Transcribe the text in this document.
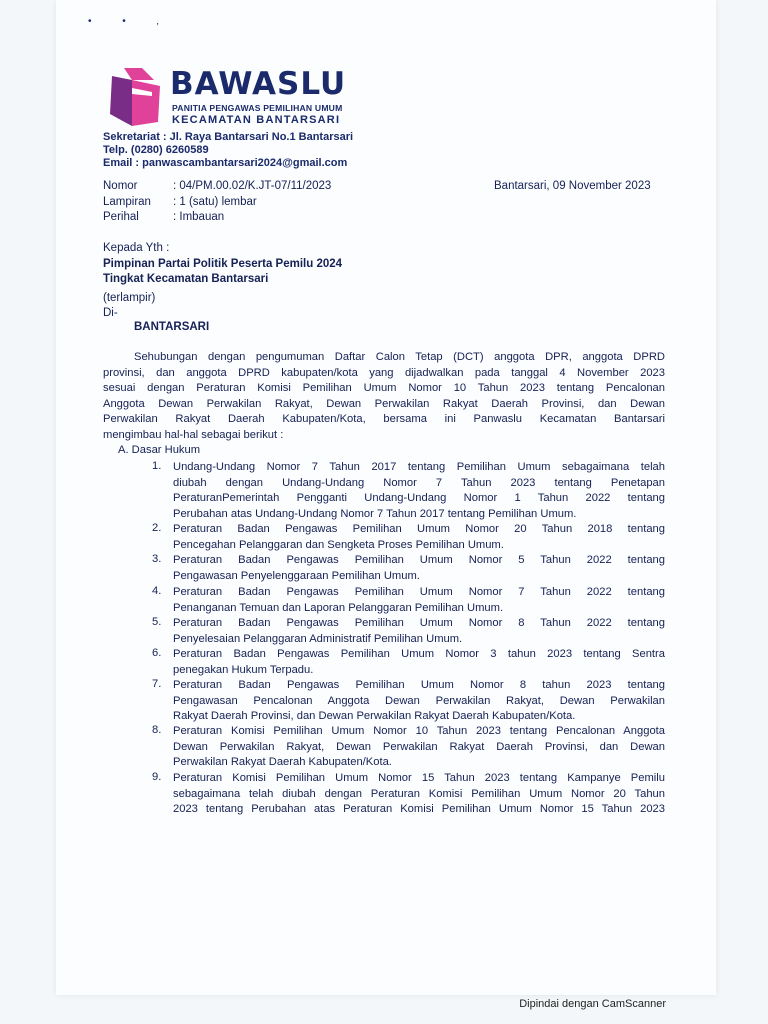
• • ‚
BAWASLU
PANITIA PENGAWAS PEMILIHAN UMUM
KECAMATAN BANTARSARI
Sekretariat : Jl. Raya Bantarsari No.1 Bantarsari
Telp. (0280) 6260589
Email : panwascambantarsari2024@gmail.com
Nomor	: 04/PM.00.02/K.JT-07/11/2023	Bantarsari, 09 November 2023
Lampiran : 1 (satu) lembar
Perihal	: Imbauan
Kepada Yth :
Pimpinan Partai Politik Peserta Pemilu 2024
Tingkat Kecamatan Bantarsari
(terlampir)
Di-
BANTARSARI
Sehubungan dengan pengumuman Daftar Calon Tetap (DCT) anggota DPR, anggota DPRD
provinsi, dan anggota DPRD kabupaten/kota yang dijadwalkan pada tanggal 4 November 2023
sesuai dengan Peraturan Komisi Pemilihan Umum Nomor 10 Tahun 2023 tentang Pencalonan
Anggota Dewan Perwakilan Rakyat, Dewan Perwakilan Rakyat Daerah Provinsi, dan Dewan
Perwakilan Rakyat Daerah Kabupaten/Kota, bersama ini Panwaslu Kecamatan Bantarsari
mengimbau hal-hal sebagai berikut :
A. Dasar Hukum
1. Undang-Undang Nomor 7 Tahun 2017 tentang Pemilihan Umum sebagaimana telah
diubah dengan Undang-Undang Nomor 7 Tahun 2023 tentang Penetapan
PeraturanPemerintah Pengganti Undang-Undang Nomor 1 Tahun 2022 tentang
Perubahan atas Undang-Undang Nomor 7 Tahun 2017 tentang Pemilihan Umum.
2. Peraturan Badan Pengawas Pemilihan Umum Nomor 20 Tahun 2018 tentang
Pencegahan Pelanggaran dan Sengketa Proses Pemilihan Umum.
3. Peraturan Badan Pengawas Pemilihan Umum Nomor 5 Tahun 2022 tentang
Pengawasan Penyelenggaraan Pemilihan Umum.
4. Peraturan Badan Pengawas Pemilihan Umum Nomor 7 Tahun 2022 tentang
Penanganan Temuan dan Laporan Pelanggaran Pemilihan Umum.
5. Peraturan Badan Pengawas Pemilihan Umum Nomor 8 Tahun 2022 tentang
Penyelesaian Pelanggaran Administratif Pemilihan Umum.
6. Peraturan Badan Pengawas Pemilihan Umum Nomor 3 tahun 2023 tentang Sentra
penegakan Hukum Terpadu.
7. Peraturan Badan Pengawas Pemilihan Umum Nomor 8 tahun 2023 tentang
Pengawasan Pencalonan Anggota Dewan Perwakilan Rakyat, Dewan Perwakilan
Rakyat Daerah Provinsi, dan Dewan Perwakilan Rakyat Daerah Kabupaten/Kota.
8. Peraturan Komisi Pemilihan Umum Nomor 10 Tahun 2023 tentang Pencalonan Anggota
Dewan Perwakilan Rakyat, Dewan Perwakilan Rakyat Daerah Provinsi, dan Dewan
Perwakilan Rakyat Daerah Kabupaten/Kota.
9. Peraturan Komisi Pemilihan Umum Nomor 15 Tahun 2023 tentang Kampanye Pemilu
sebagaimana telah diubah dengan Peraturan Komisi Pemilihan Umum Nomor 20 Tahun
2023 tentang Perubahan atas Peraturan Komisi Pemilihan Umum Nomor 15 Tahun 2023
Dipindai dengan CamScanner
